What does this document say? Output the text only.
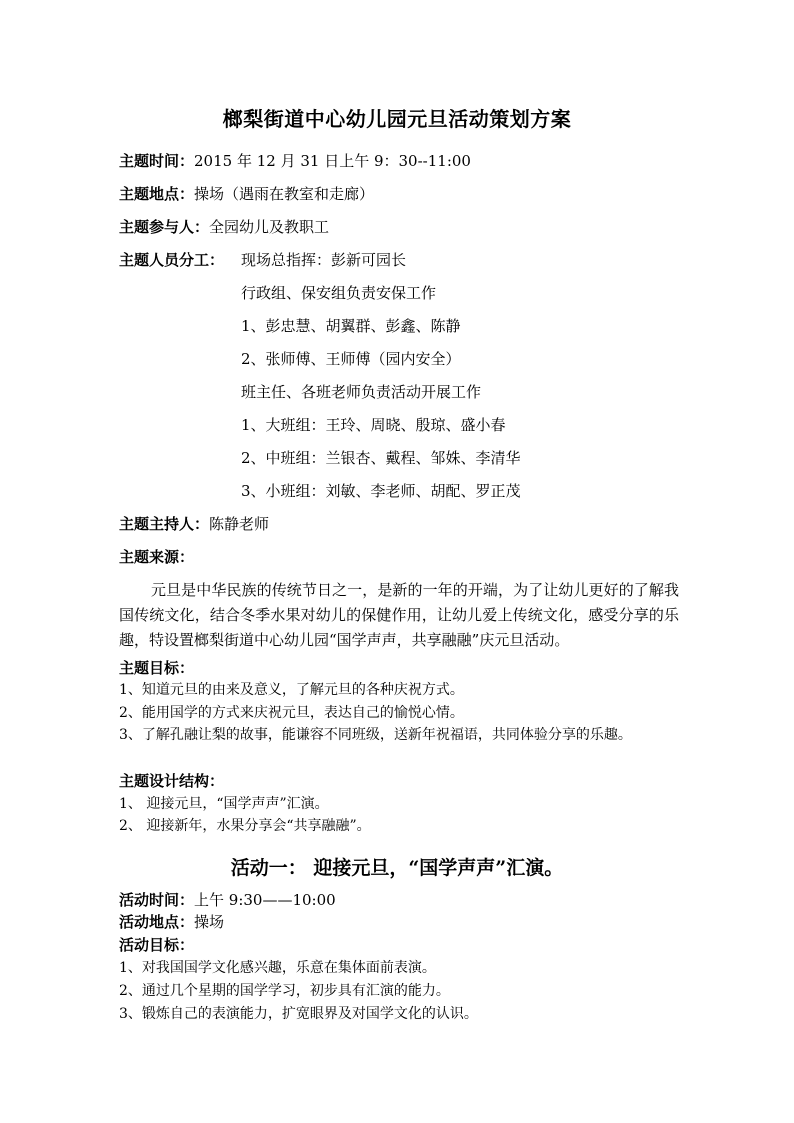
榔梨街道中心幼儿园元旦活动策划方案
主题时间：2015 年 12 月 31 日上午 9：30--11:00
主题地点：操场（遇雨在教室和走廊）
主题参与人：全园幼儿及教职工
主题人员分工： 现场总指挥：彭新可园长
行政组、保安组负责安保工作
1、彭忠慧、胡翼群、彭鑫、陈静
2、张师傅、王师傅（园内安全）
班主任、各班老师负责活动开展工作
1、大班组：王玲、周晓、殷琼、盛小春
2、中班组：兰银杏、戴程、邹姝、李清华
3、小班组：刘敏、李老师、胡配、罗正茂
主题主持人：陈静老师
主题来源：
元旦是中华民族的传统节日之一，是新的一年的开端，为了让幼儿更好的了解我国传统文化，结合冬季水果对幼儿的保健作用，让幼儿爱上传统文化，感受分享的乐趣，特设置榔梨街道中心幼儿园“国学声声，共享融融”庆元旦活动。
主题目标：
1、知道元旦的由来及意义，了解元旦的各种庆祝方式。
2、能用国学的方式来庆祝元旦，表达自己的愉悦心情。
3、了解孔融让梨的故事，能谦容不同班级，送新年祝福语，共同体验分享的乐趣。
主题设计结构：
1、 迎接元旦，“国学声声”汇演。
2、 迎接新年，水果分享会“共享融融”。
活动一： 迎接元旦，“国学声声”汇演。
活动时间：上午 9:30——10:00
活动地点：操场
活动目标：
1、对我国国学文化感兴趣，乐意在集体面前表演。
2、通过几个星期的国学学习，初步具有汇演的能力。
3、锻炼自己的表演能力，扩宽眼界及对国学文化的认识。
